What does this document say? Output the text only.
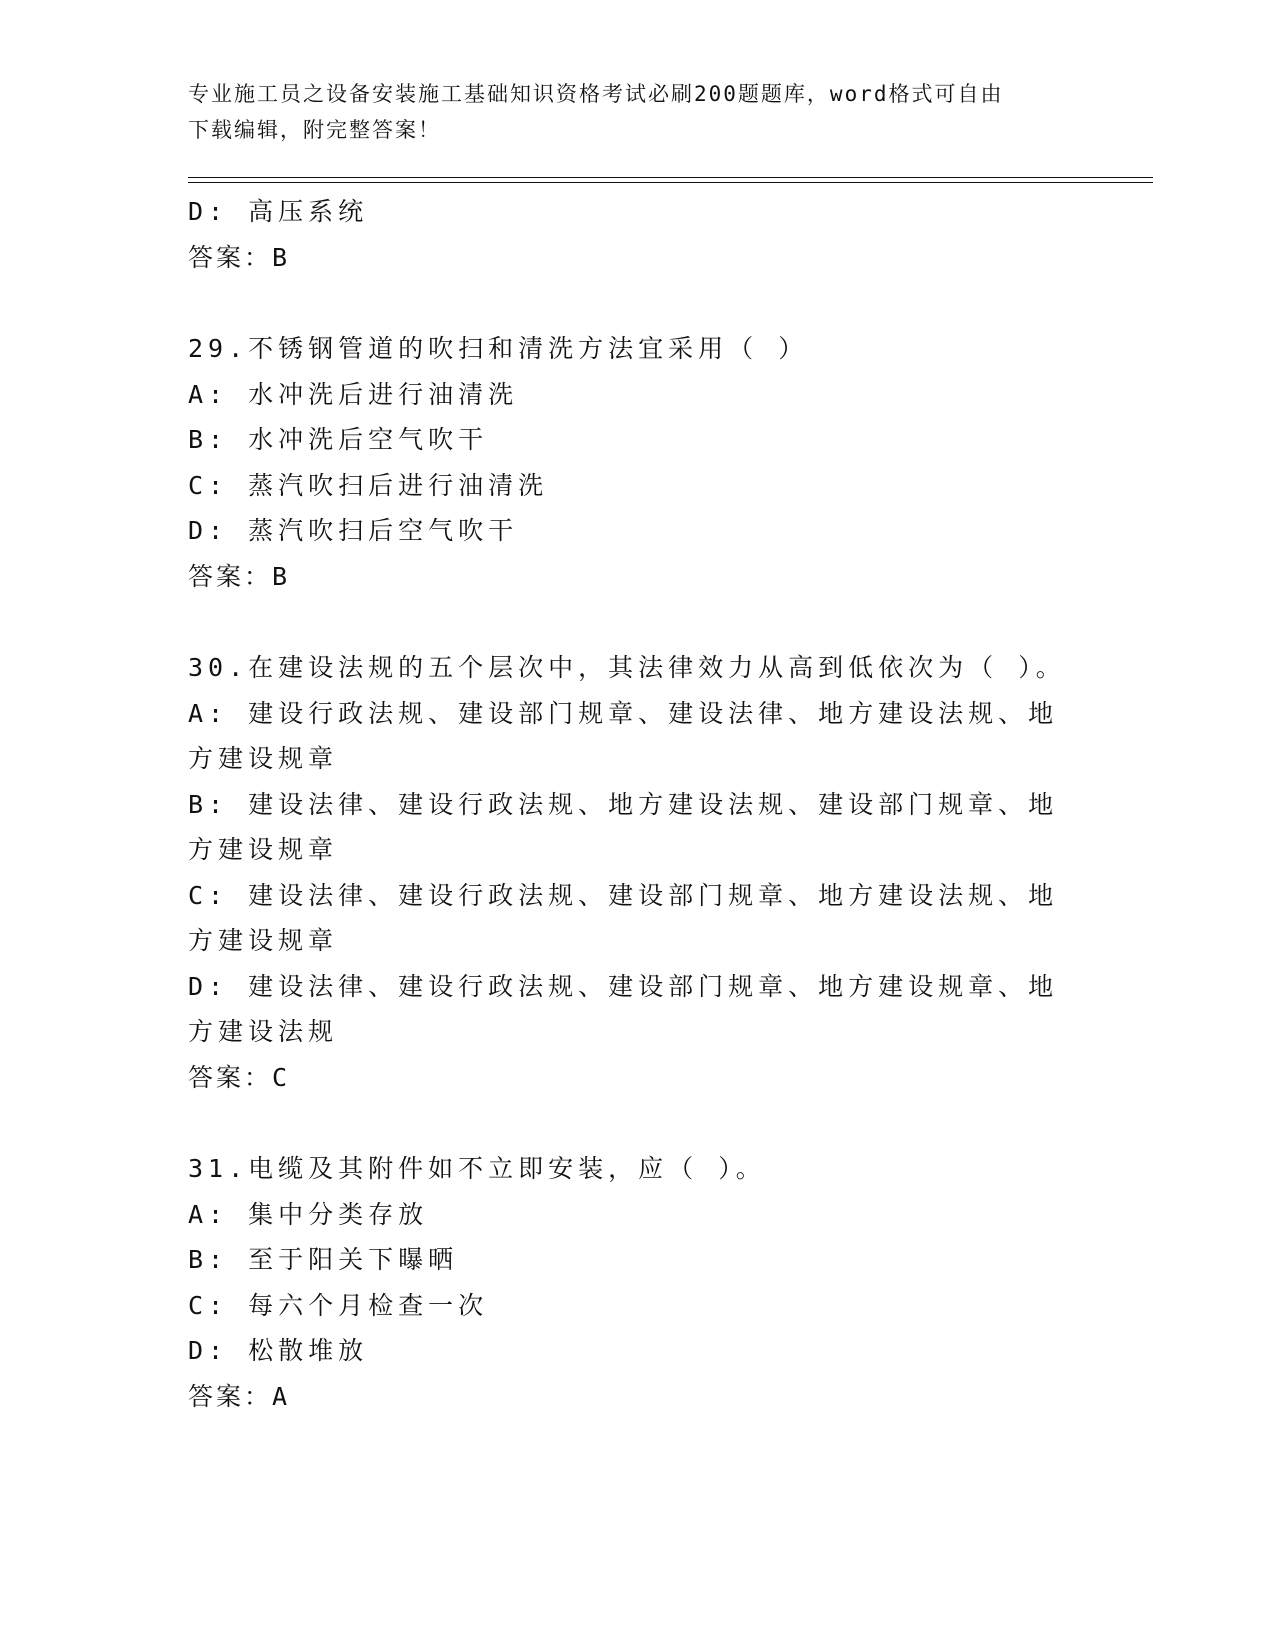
专业施工员之设备安装施工基础知识资格考试必刷200题题库，word格式可自由
下载编辑，附完整答案！

D: 高压系统

答案：B

29.不锈钢管道的吹扫和清洗方法宜采用（ ）

A: 水冲洗后进行油清洗

B: 水冲洗后空气吹干

C: 蒸汽吹扫后进行油清洗

D: 蒸汽吹扫后空气吹干

答案：B

30.在建设法规的五个层次中，其法律效力从高到低依次为（ ）。

A: 建设行政法规、建设部门规章、建设法律、地方建设法规、地方建设规章

B: 建设法律、建设行政法规、地方建设法规、建设部门规章、地方建设规章

C: 建设法律、建设行政法规、建设部门规章、地方建设法规、地方建设规章

D: 建设法律、建设行政法规、建设部门规章、地方建设规章、地方建设法规

答案：C

31.电缆及其附件如不立即安装，应（ ）。

A: 集中分类存放

B: 至于阳关下曝晒

C: 每六个月检查一次

D: 松散堆放

答案：A
